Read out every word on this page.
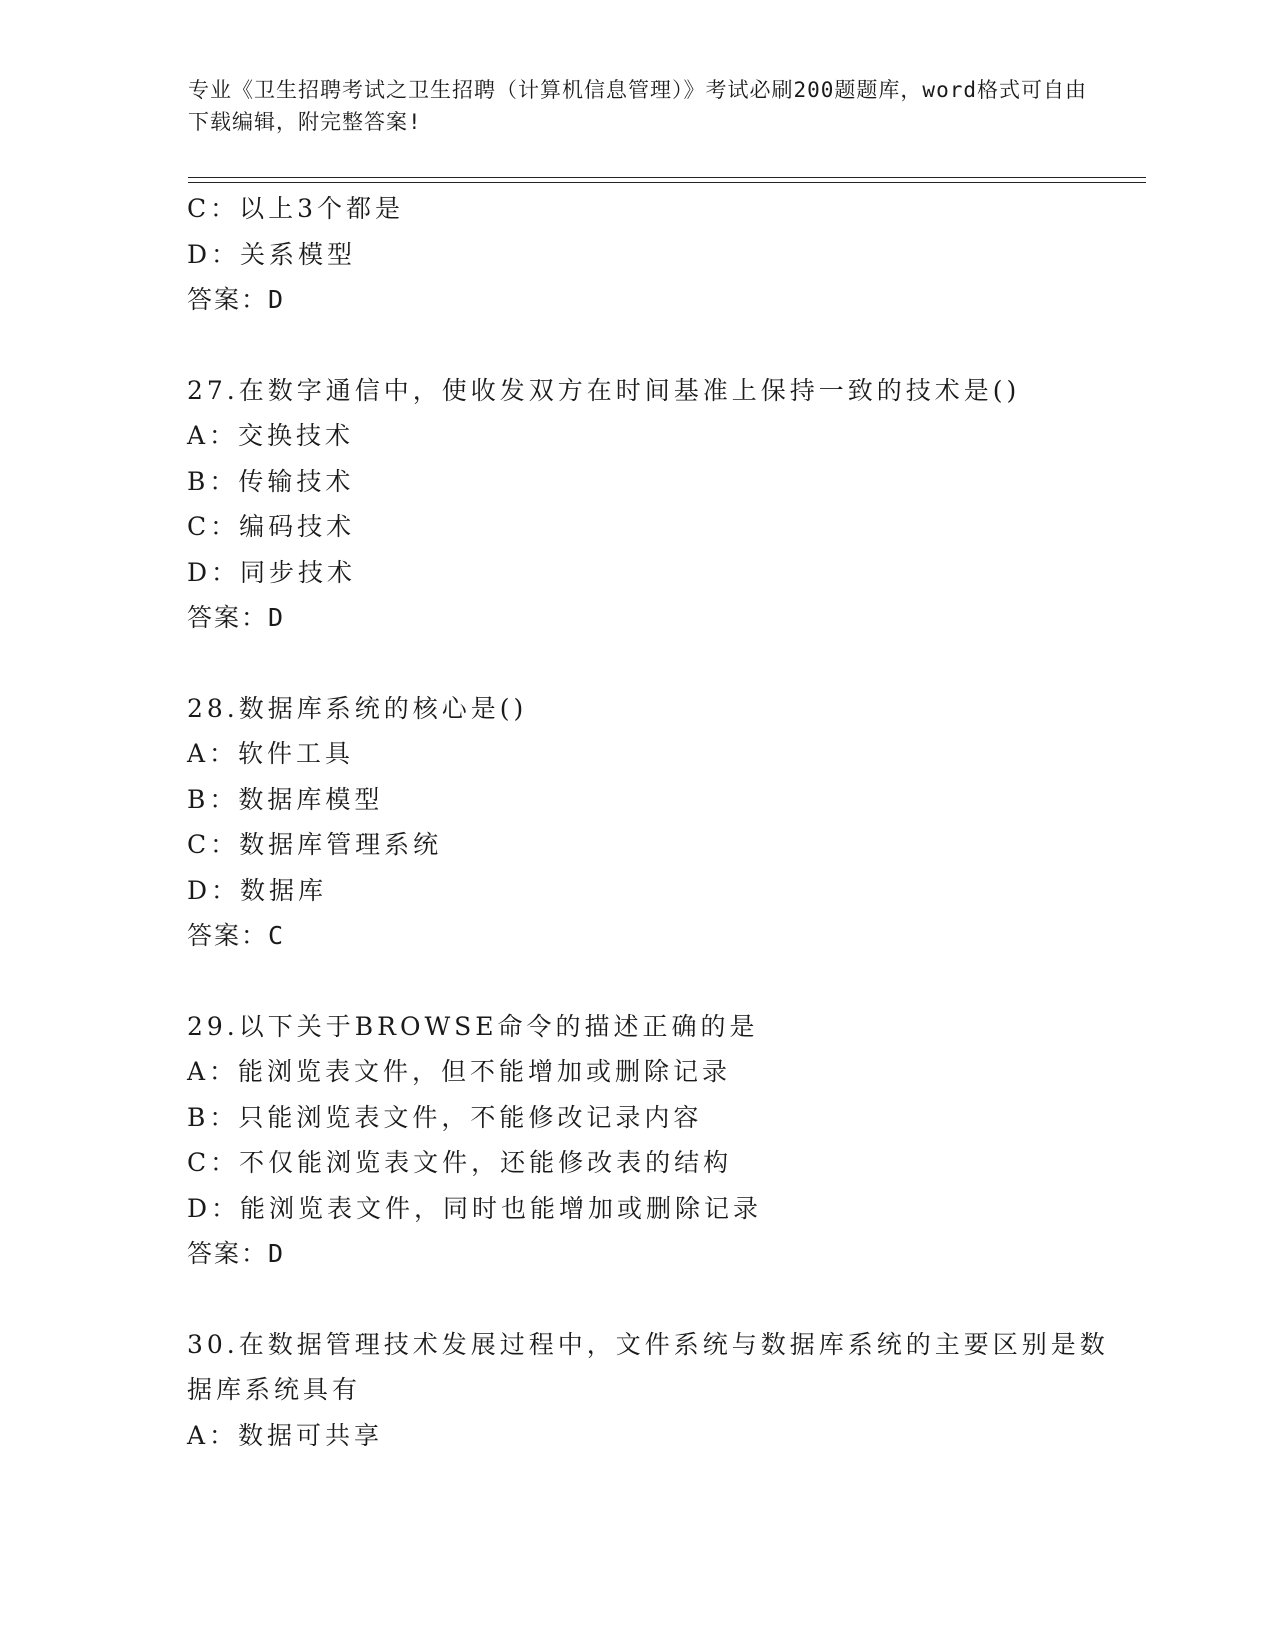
专业《卫生招聘考试之卫生招聘（计算机信息管理）》考试必刷200题题库，word格式可自由下载编辑，附完整答案!
C：以上3个都是
D：关系模型
答案：D
27.在数字通信中，使收发双方在时间基准上保持一致的技术是()
A：交换技术
B：传输技术
C：编码技术
D：同步技术
答案：D
28.数据库系统的核心是()
A：软件工具
B：数据库模型
C：数据库管理系统
D：数据库
答案：C
29.以下关于BROWSE命令的描述正确的是
A：能浏览表文件，但不能增加或删除记录
B：只能浏览表文件，不能修改记录内容
C：不仅能浏览表文件，还能修改表的结构
D：能浏览表文件，同时也能增加或删除记录
答案：D
30.在数据管理技术发展过程中，文件系统与数据库系统的主要区别是数据库系统具有
A：数据可共享
